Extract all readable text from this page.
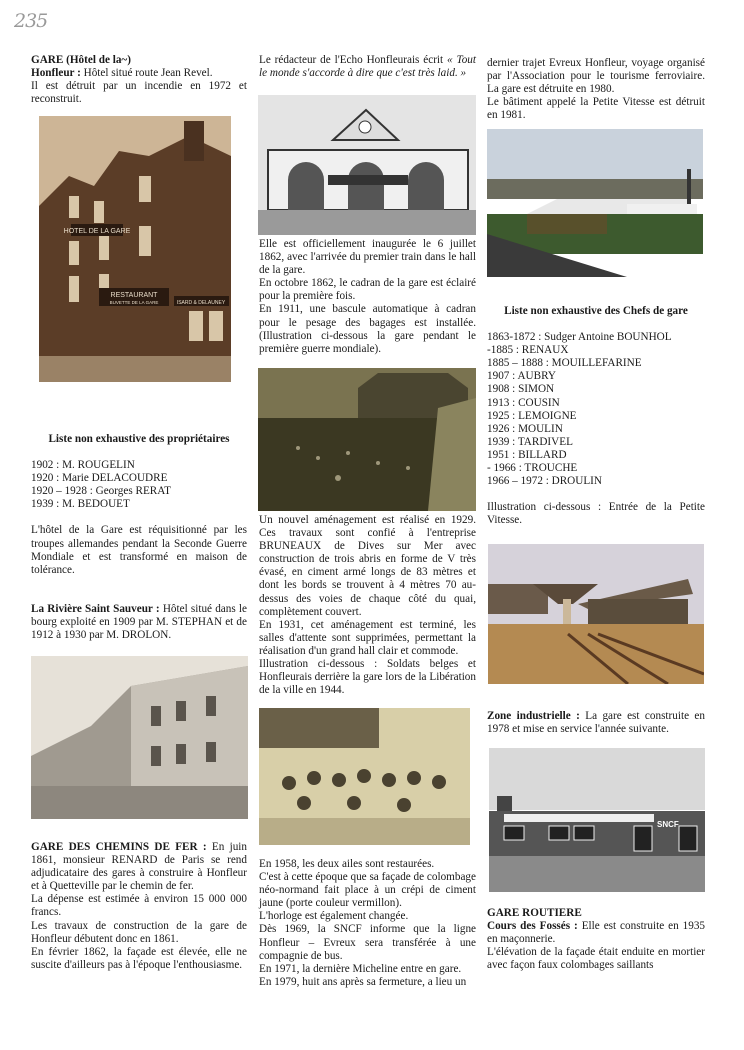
235

GARE (Hôtel de la~)

Honfleur : Hôtel situé route Jean Revel.

Il est détruit par un incendie en 1972 et reconstruit.

HOTEL DE LA GARE
RESTAURANT
BUVETTE DE LA GARE	ISARD & DELAUNEY

Liste non exhaustive des propriétaires

1902 : M. ROUGELIN
1920 : Marie DELACOUDRE
1920 – 1928 : Georges RERAT
1939 : M. BEDOUET

L'hôtel de la Gare est réquisitionné par les troupes allemandes pendant la Seconde Guerre Mondiale et est transformé en maison de tolérance.

La Rivière Saint Sauveur : Hôtel situé dans le bourg exploité en 1909 par M. STEPHAN et de 1912 à 1930 par M. DROLON.

GARE DES CHEMINS DE FER : En juin 1861, monsieur RENARD de Paris se rend adjudicataire des gares à construire à Honfleur et à Quetteville par le chemin de fer.

La dépense est estimée à environ 15 000 000 francs.

Les travaux de construction de la gare de Honfleur débutent donc en 1861.

En février 1862, la façade est élevée, elle ne suscite d'ailleurs pas à l'époque l'enthousiasme.

Le rédacteur de l'Echo Honfleurais écrit « Tout le monde s'accorde à dire que c'est très laid. »

Elle est officiellement inaugurée le 6 juillet 1862, avec l'arrivée du premier train dans le hall de la gare.

En octobre 1862, le cadran de la gare est éclairé pour la première fois.

En 1911, une bascule automatique à cadran pour le pesage des bagages est installée. (Illustration ci-dessous la gare pendant le première guerre mondiale).

Un nouvel aménagement est réalisé en 1929. Ces travaux sont confié à l'entreprise BRUNEAUX de Dives sur Mer avec construction de trois abris en forme de V très évasé, en ciment armé longs de 83 mètres et dont les bords se trouvent à 4 mètres 70 au-dessus des voies de chaque côté du quai, complètement couvert.

En 1931, cet aménagement est terminé, les salles d'attente sont supprimées, permettant la réalisation d'un grand hall clair et commode.

Illustration ci-dessous : Soldats belges et Honfleurais derrière la gare lors de la Libération de la ville en 1944.

En 1958, les deux ailes sont restaurées.

C'est à cette époque que sa façade de colombage néo-normand fait place à un crépi de ciment jaune (porte couleur vermillon).

L'horloge est également changée.

Dès 1969, la SNCF informe que la ligne Honfleur – Evreux sera transférée à une compagnie de bus.

En 1971, la dernière Micheline entre en gare.

En 1979, huit ans après sa fermeture, a lieu un

dernier trajet Evreux Honfleur, voyage organisé par l'Association pour le tourisme ferroviaire. La gare est détruite en 1980.

Le bâtiment appelé la Petite Vitesse est détruit en 1981.

Liste non exhaustive des Chefs de gare

1863-1872 : Sudger Antoine BOUNHOL
-1885 : RENAUX
1885 – 1888 : MOUILLEFARINE
1907 : AUBRY
1908 : SIMON
1913 : COUSIN
1925 : LEMOIGNE
1926 : MOULIN
1939 : TARDIVEL
1951 : BILLARD
- 1966 : TROUCHE
1966 – 1972 : DROULIN

Illustration ci-dessous : Entrée de la Petite Vitesse.

Zone industrielle : La gare est construite en 1978 et mise en service l'année suivante.

SNCF

GARE ROUTIERE

Cours des Fossés : Elle est construite en 1935 en maçonnerie.

L'élévation de la façade était enduite en mortier avec façon faux colombages saillants
